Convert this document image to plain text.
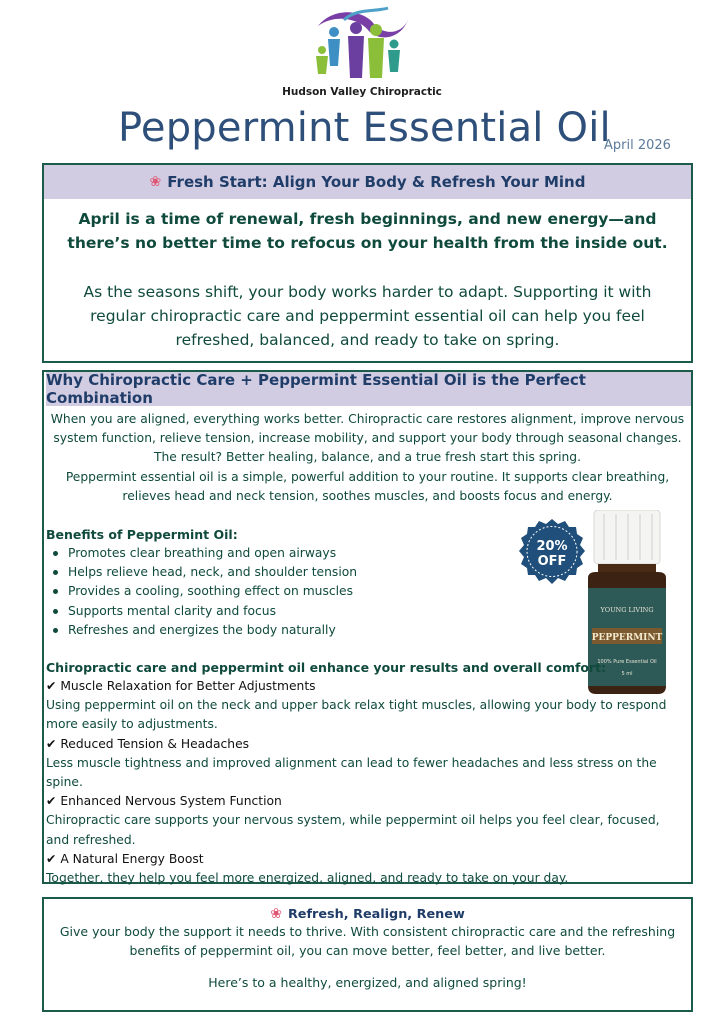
Hudson Valley Chiropractic
Peppermint Essential Oil
April 2026
❀ Fresh Start: Align Your Body & Refresh Your Mind
April is a time of renewal, fresh beginnings, and new energy—and there’s no better time to refocus on your health from the inside out.
As the seasons shift, your body works harder to adapt. Supporting it with regular chiropractic care and peppermint essential oil can help you feel refreshed, balanced, and ready to take on spring.
Why Chiropractic Care + Peppermint Essential Oil is the Perfect Combination
When you are aligned, everything works better. Chiropractic care restores alignment, improve nervous system function, relieve tension, increase mobility, and support your body through seasonal changes. The result? Better healing, balance, and a true fresh start this spring.
Peppermint essential oil is a simple, powerful addition to your routine. It supports clear breathing, relieves head and neck tension, soothes muscles, and boosts focus and energy.
Benefits of Peppermint Oil:
Promotes clear breathing and open airways
Helps relieve head, neck, and shoulder tension
Provides a cooling, soothing effect on muscles
Supports mental clarity and focus
Refreshes and energizes the body naturally
20%
OFF
YOUNG LIVING
PEPPERMINT
100% Pure Essential Oil
5 ml
Chiropractic care and peppermint oil enhance your results and overall comfort:
✔ Muscle Relaxation for Better Adjustments
Using peppermint oil on the neck and upper back relax tight muscles, allowing your body to respond more easily to adjustments.
✔ Reduced Tension & Headaches
Less muscle tightness and improved alignment can lead to fewer headaches and less stress on the spine.
✔ Enhanced Nervous System Function
Chiropractic care supports your nervous system, while peppermint oil helps you feel clear, focused, and refreshed.
✔ A Natural Energy Boost
Together, they help you feel more energized, aligned, and ready to take on your day.
❀ Refresh, Realign, Renew
Give your body the support it needs to thrive. With consistent chiropractic care and the refreshing benefits of peppermint oil, you can move better, feel better, and live better.
Here’s to a healthy, energized, and aligned spring!
